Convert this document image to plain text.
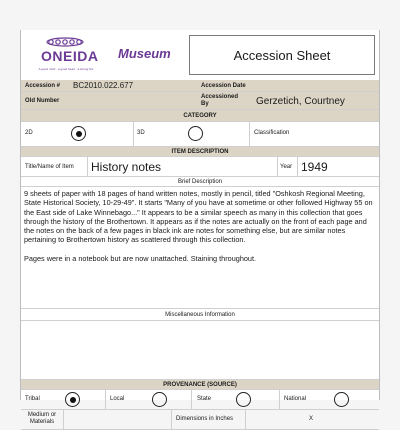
ONEIDA
A good mind · a good heart · a strong fire
Museum	Accession Sheet
Accession # BC2010.022.677	Accession Date
Old Number
Accessioned By	Gerzetich, Courtney
CATEGORY
2D	3D	Classification
ITEM DESCRIPTION
Title/Name of Item History notes	Year 1949
Brief Description

9 sheets of paper with 18 pages of hand written notes, mostly in pencil, titled "Oshkosh Regional Meeting, State Historical Society, 10-29-49". It starts "Many of you have at sometime or other followed Highway 55 on the East side of Lake Winnebago..." It appears to be a similar speech as many in this collection that goes through the history of the Brothertown. It appears as if the notes are actually on the front of each page and the notes on the back of a few pages in black ink are notes for something else, but are similar notes pertaining to Brothertown history as scattered through this collection.

Pages were in a notebook but are now unattached. Staining throughout.

Miscellaneous Information
PROVENANCE (SOURCE)
Tribal	Local	State	National
Medium or Materials	Dimensions in Inches	X
